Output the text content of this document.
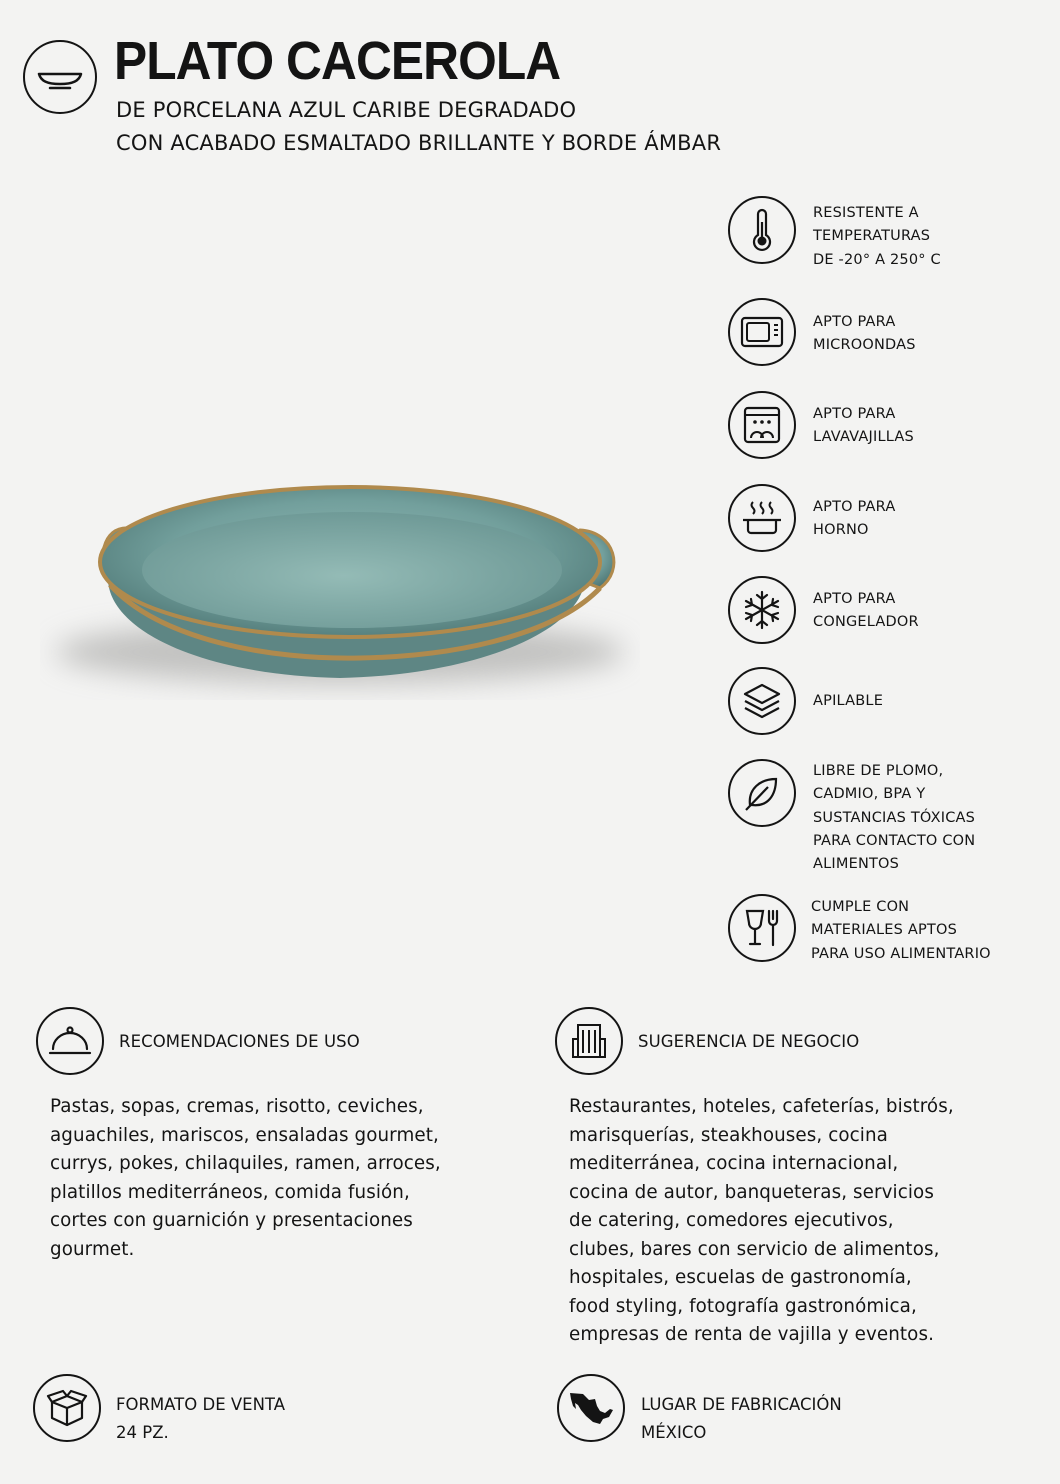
PLATO CACEROLA
DE PORCELANA AZUL CARIBE DEGRADADO
CON ACABADO ESMALTADO BRILLANTE Y BORDE ÁMBAR
RESISTENTE A
TEMPERATURAS
DE -20° A 250° C
APTO PARA
MICROONDAS
APTO PARA
LAVAVAJILLAS
APTO PARA
HORNO
APTO PARA
CONGELADOR
APILABLE
LIBRE DE PLOMO,
CADMIO, BPA Y
SUSTANCIAS TÓXICAS
PARA CONTACTO CON
ALIMENTOS
CUMPLE CON
MATERIALES APTOS
PARA USO ALIMENTARIO
RECOMENDACIONES DE USO
Pastas, sopas, cremas, risotto, ceviches,
aguachiles, mariscos, ensaladas gourmet,
currys, pokes, chilaquiles, ramen, arroces,
platillos mediterráneos, comida fusión,
cortes con guarnición y presentaciones
gourmet.
SUGERENCIA DE NEGOCIO
Restaurantes, hoteles, cafeterías, bistrós,
marisquerías, steakhouses, cocina
mediterránea, cocina internacional,
cocina de autor, banqueteras, servicios
de catering, comedores ejecutivos,
clubes, bares con servicio de alimentos,
hospitales, escuelas de gastronomía,
food styling, fotografía gastronómica,
empresas de renta de vajilla y eventos.
FORMATO DE VENTA
24 PZ.
LUGAR DE FABRICACIÓN
MÉXICO
